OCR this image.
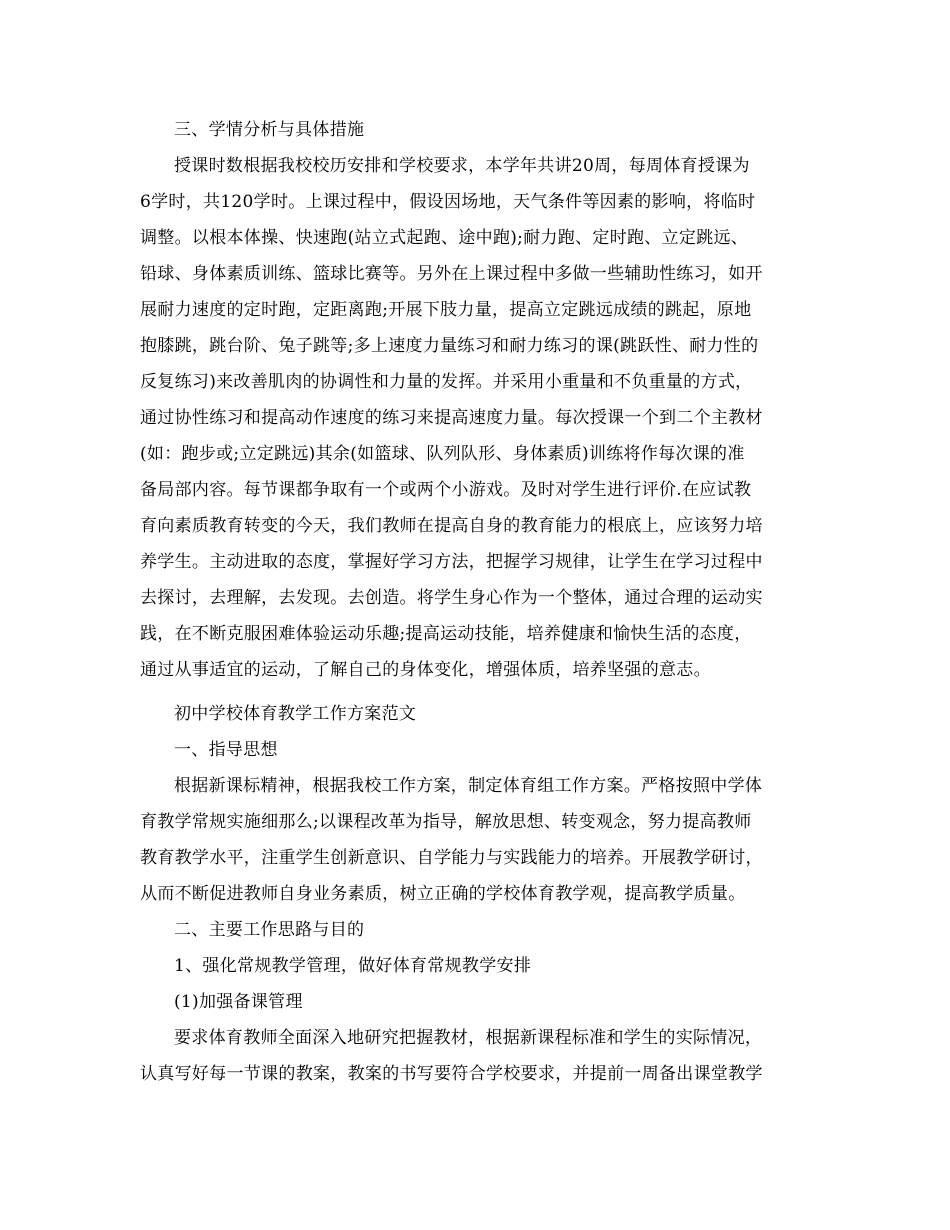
三、学情分析与具体措施
授课时数根据我校校历安排和学校要求，本学年共讲20周，每周体育授课为
6学时，共120学时。上课过程中，假设因场地，天气条件等因素的影响，将临时
调整。以根本体操、快速跑(站立式起跑、途中跑);耐力跑、定时跑、立定跳远、
铅球、身体素质训练、篮球比赛等。另外在上课过程中多做一些辅助性练习，如开
展耐力速度的定时跑，定距离跑;开展下肢力量，提高立定跳远成绩的跳起，原地
抱膝跳，跳台阶、兔子跳等;多上速度力量练习和耐力练习的课(跳跃性、耐力性的
反复练习)来改善肌肉的协调性和力量的发挥。并采用小重量和不负重量的方式，
通过协性练习和提高动作速度的练习来提高速度力量。每次授课一个到二个主教材
(如：跑步或;立定跳远)其余(如篮球、队列队形、身体素质)训练将作每次课的准
备局部内容。每节课都争取有一个或两个小游戏。及时对学生进行评价.在应试教
育向素质教育转变的今天，我们教师在提高自身的教育能力的根底上，应该努力培
养学生。主动进取的态度，掌握好学习方法，把握学习规律，让学生在学习过程中
去探讨，去理解，去发现。去创造。将学生身心作为一个整体，通过合理的运动实
践，在不断克服困难体验运动乐趣;提高运动技能，培养健康和愉快生活的态度，
通过从事适宜的运动，了解自己的身体变化，增强体质，培养坚强的意志。
初中学校体育教学工作方案范文
一、指导思想
根据新课标精神，根据我校工作方案，制定体育组工作方案。严格按照中学体
育教学常规实施细那么;以课程改革为指导，解放思想、转变观念，努力提高教师
教育教学水平，注重学生创新意识、自学能力与实践能力的培养。开展教学研讨，
从而不断促进教师自身业务素质，树立正确的学校体育教学观，提高教学质量。
二、主要工作思路与目的
1、强化常规教学管理，做好体育常规教学安排
(1)加强备课管理
要求体育教师全面深入地研究把握教材，根据新课程标准和学生的实际情况，
认真写好每一节课的教案，教案的书写要符合学校要求，并提前一周备出课堂教学
